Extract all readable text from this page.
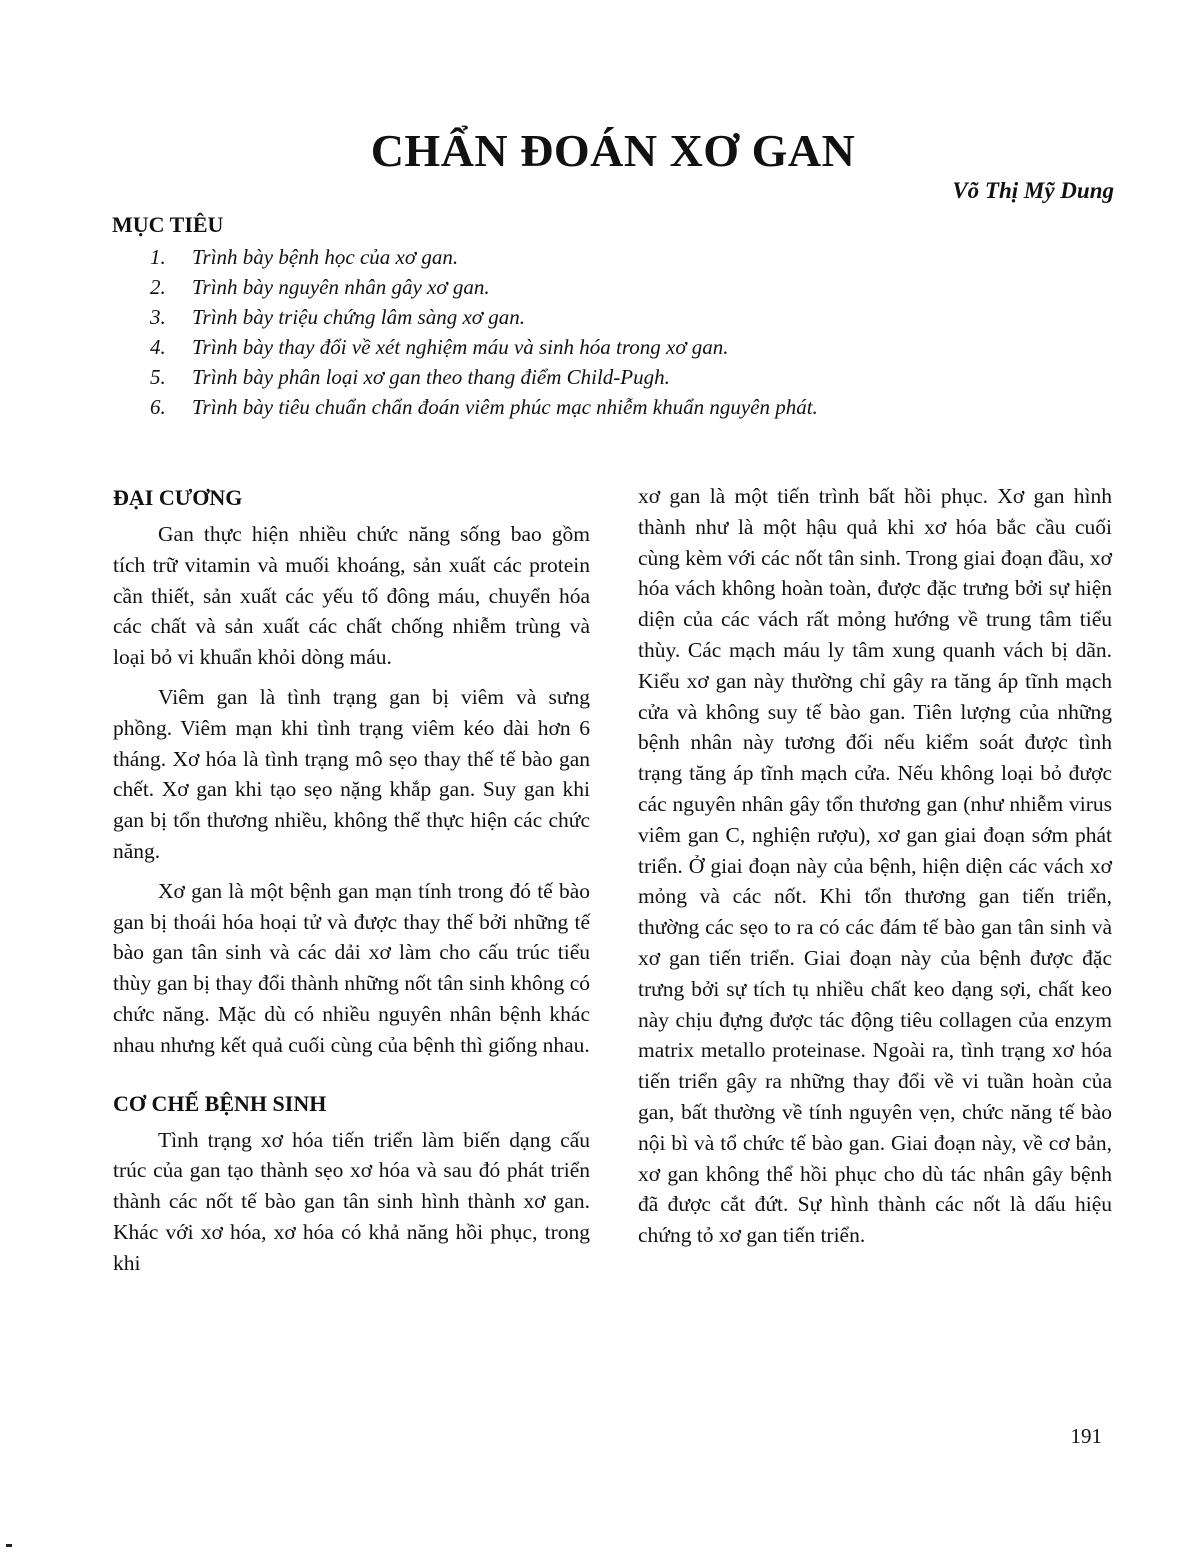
CHẨN ĐOÁN XƠ GAN
Võ Thị Mỹ Dung
MỤC TIÊU
1. Trình bày bệnh học của xơ gan.
2. Trình bày nguyên nhân gây xơ gan.
3. Trình bày triệu chứng lâm sàng xơ gan.
4. Trình bày thay đổi về xét nghiệm máu và sinh hóa trong xơ gan.
5. Trình bày phân loại xơ gan theo thang điểm Child-Pugh.
6. Trình bày tiêu chuẩn chẩn đoán viêm phúc mạc nhiễm khuẩn nguyên phát.
ĐẠI CƯƠNG

Gan thực hiện nhiều chức năng sống bao gồm tích trữ vitamin và muối khoáng, sản xuất các protein cần thiết, sản xuất các yếu tố đông máu, chuyển hóa các chất và sản xuất các chất chống nhiễm trùng và loại bỏ vi khuẩn khỏi dòng máu.

Viêm gan là tình trạng gan bị viêm và sưng phồng. Viêm mạn khi tình trạng viêm kéo dài hơn 6 tháng. Xơ hóa là tình trạng mô sẹo thay thế tế bào gan chết. Xơ gan khi tạo sẹo nặng khắp gan. Suy gan khi gan bị tổn thương nhiều, không thể thực hiện các chức năng.

Xơ gan là một bệnh gan mạn tính trong đó tế bào gan bị thoái hóa hoại tử và được thay thế bởi những tế bào gan tân sinh và các dải xơ làm cho cấu trúc tiểu thùy gan bị thay đổi thành những nốt tân sinh không có chức năng. Mặc dù có nhiều nguyên nhân bệnh khác nhau nhưng kết quả cuối cùng của bệnh thì giống nhau.

CƠ CHẾ BỆNH SINH

Tình trạng xơ hóa tiến triển làm biến dạng cấu trúc của gan tạo thành sẹo xơ hóa và sau đó phát triển thành các nốt tế bào gan tân sinh hình thành xơ gan. Khác với xơ hóa, xơ hóa có khả năng hồi phục, trong khi

xơ gan là một tiến trình bất hồi phục. Xơ gan hình thành như là một hậu quả khi xơ hóa bắc cầu cuối cùng kèm với các nốt tân sinh. Trong giai đoạn đầu, xơ hóa vách không hoàn toàn, được đặc trưng bởi sự hiện diện của các vách rất mỏng hướng về trung tâm tiểu thùy. Các mạch máu ly tâm xung quanh vách bị dãn. Kiểu xơ gan này thường chỉ gây ra tăng áp tĩnh mạch cửa và không suy tế bào gan. Tiên lượng của những bệnh nhân này tương đối nếu kiểm soát được tình trạng tăng áp tĩnh mạch cửa. Nếu không loại bỏ được các nguyên nhân gây tổn thương gan (như nhiễm virus viêm gan C, nghiện rượu), xơ gan giai đoạn sớm phát triển. Ở giai đoạn này của bệnh, hiện diện các vách xơ mỏng và các nốt. Khi tổn thương gan tiến triển, thường các sẹo to ra có các đám tế bào gan tân sinh và xơ gan tiến triển. Giai đoạn này của bệnh được đặc trưng bởi sự tích tụ nhiều chất keo dạng sợi, chất keo này chịu đựng được tác động tiêu collagen của enzym matrix metallo proteinase. Ngoài ra, tình trạng xơ hóa tiến triển gây ra những thay đổi về vi tuần hoàn của gan, bất thường về tính nguyên vẹn, chức năng tế bào nội bì và tổ chức tế bào gan. Giai đoạn này, về cơ bản, xơ gan không thể hồi phục cho dù tác nhân gây bệnh đã được cắt đứt. Sự hình thành các nốt là dấu hiệu chứng tỏ xơ gan tiến triển.

191
